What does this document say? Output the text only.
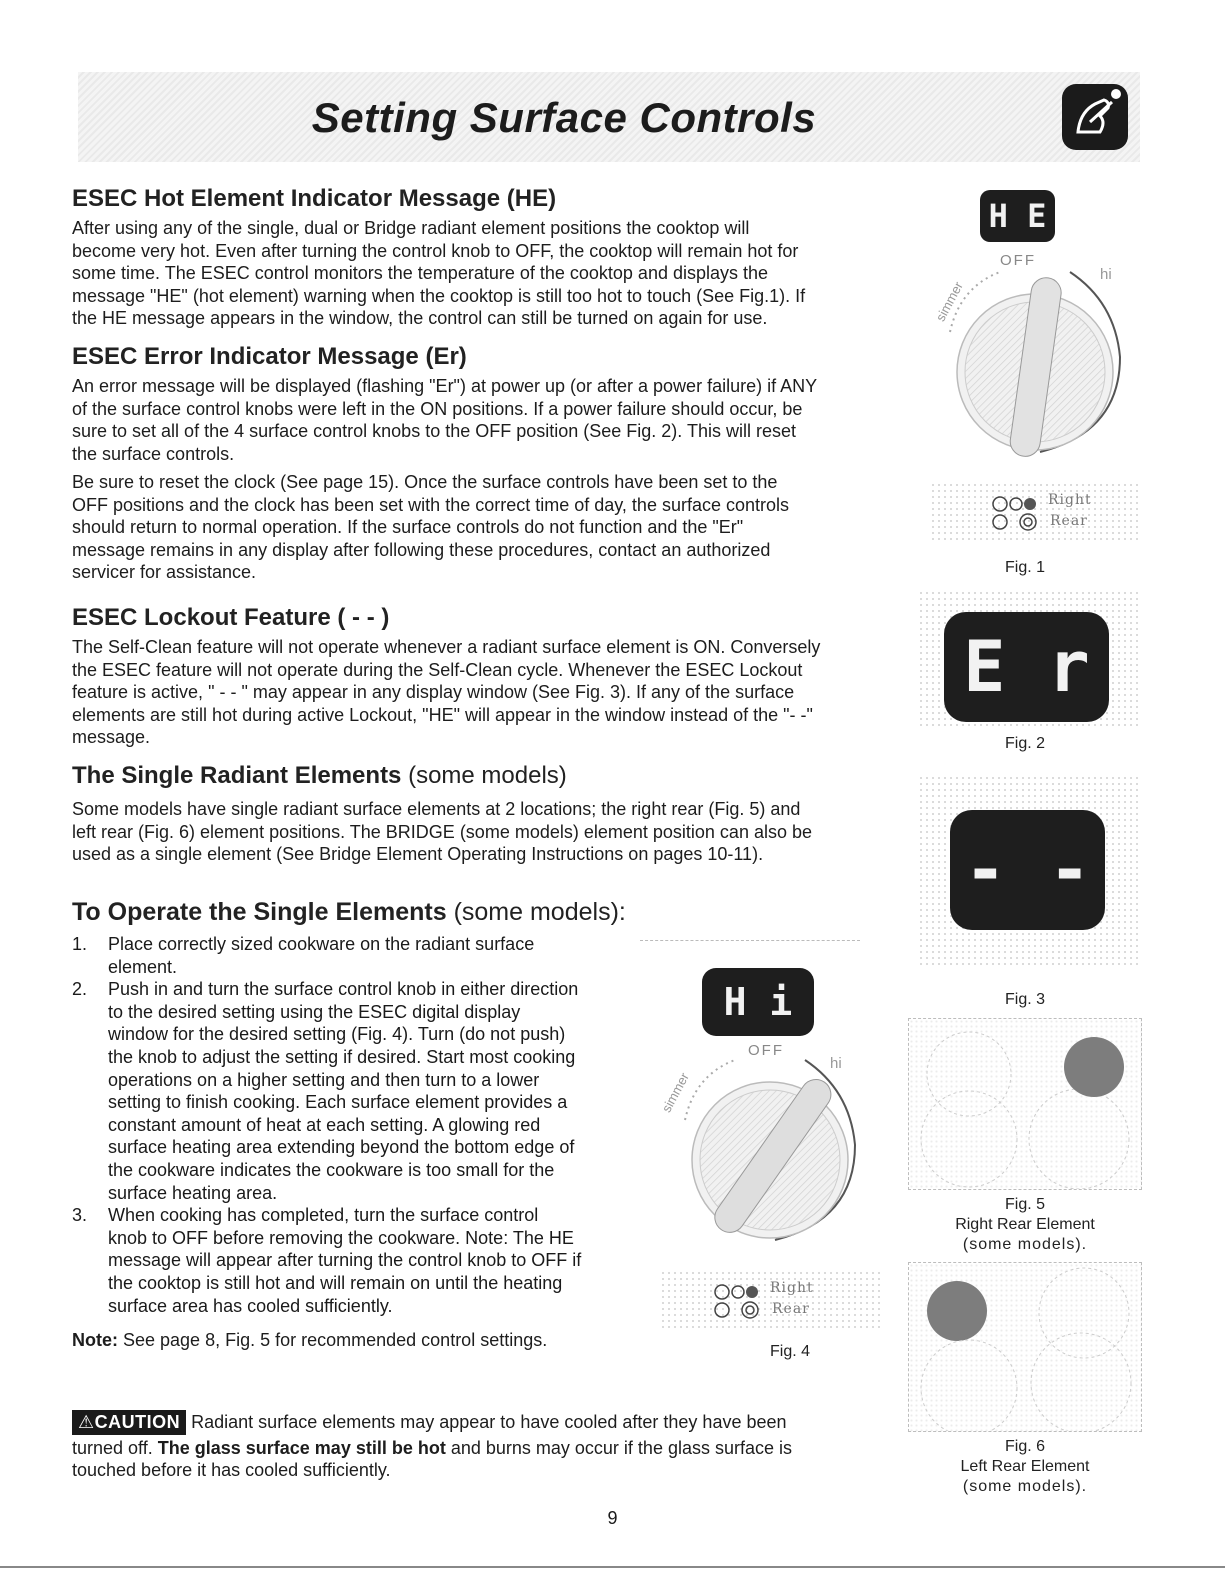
Setting Surface Controls

ESEC Hot Element Indicator Message (HE)

After using any of the single, dual or Bridge radiant element positions the cooktop will

become very hot. Even after turning the control knob to OFF, the cooktop will remain hot for

some time. The ESEC control monitors the temperature of the cooktop and displays the

message "HE" (hot element) warning when the cooktop is still too hot to touch (See Fig.1). If

the HE message appears in the window, the control can still be turned on again for use.

ESEC Error Indicator Message (Er)

An error message will be displayed (flashing "Er") at power up (or after a power failure) if ANY

of the surface control knobs were left in the ON positions. If a power failure should occur, be

sure to set all of the 4 surface control knobs to the OFF position (See Fig. 2). This will reset

the surface controls.

Be sure to reset the clock (See page 15). Once the surface controls have been set to the

OFF positions and the clock has been set with the correct time of day, the surface controls

should return to normal operation. If the surface controls do not function and the "Er"

message remains in any display after following these procedures, contact an authorized

servicer for assistance.

ESEC Lockout Feature ( - - )

The Self-Clean feature will not operate whenever a radiant surface element is ON. Conversely

the ESEC feature will not operate during the Self-Clean cycle. Whenever the ESEC Lockout

feature is active, " - - " may appear in any display window (See Fig. 3). If any of the surface

elements are still hot during active Lockout, "HE" will appear in the window instead of the "- -"

message.

The Single Radiant Elements (some models)

Some models have single radiant surface elements at 2 locations; the right rear (Fig. 5) and

left rear (Fig. 6) element positions. The BRIDGE (some models) element position can also be

used as a single element (See Bridge Element Operating Instructions on pages 10-11).

To Operate the Single Elements (some models):

1. Place correctly sized cookware on the radiant surface
element.
2. Push in and turn the surface control knob in either direction
to the desired setting using the ESEC digital display
window for the desired setting (Fig. 4). Turn (do not push)
the knob to adjust the setting if desired. Start most cooking
operations on a higher setting and then turn to a lower
setting to finish cooking. Each surface element provides a
constant amount of heat at each setting. A glowing red
surface heating area extending beyond the bottom edge of
the cookware indicates the cookware is too small for the
surface heating area.
3. When cooking has completed, turn the surface control
knob to OFF before removing the cookware. Note: The HE
message will appear after turning the control knob to OFF if
the cooktop is still hot and will remain on until the heating
surface area has cooled sufficiently.

Note: See page 8, Fig. 5 for recommended control settings.

⚠CAUTION Radiant surface elements may appear to have cooled after they have been

turned off. The glass surface may still be hot and burns may occur if the glass surface is

touched before it has cooled sufficiently.

H E
OFF
hi
simmer
Right
Rear
Fig. 1
E r
Fig. 2
- -
Fig. 3
H i
OFF
hi
simmer
Right
Rear
Fig. 4
Fig. 5
Right Rear Element
(some models).
Fig. 6
Left Rear Element
(some models).
9
